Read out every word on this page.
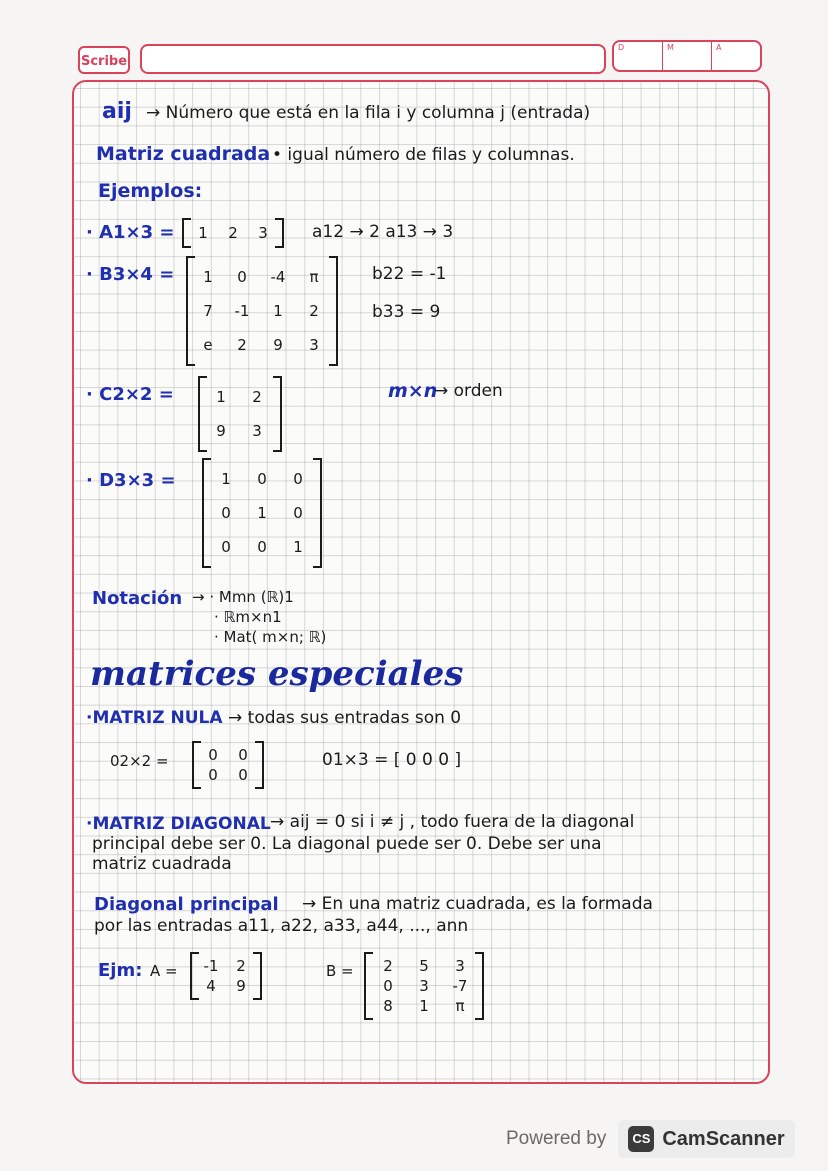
Scribe
D	M	A
aij → Número que está en la fila i y columna j (entrada)
Matriz cuadrada • igual número de filas y columnas.
Ejemplos:
· A1×3 =	1	2	3	a12 → 2 a13 → 3
· B3×4 =	1	0	-4	π
7	-1	1	2
e	2	9	3
b22 = -1
b33 = 9
· C2×2 =	1	2
9	3
m×n
→ orden
· D3×3 =	1	0	0
0	1	0
0	0	1
Notación → · Mmn (ℝ)1
· ℝm×n1
· Mat( m×n; ℝ)
matrices especiales
·MATRIZ NULA → todas sus entradas son 0
02×2 =	0	0
0	0
01×3 = [ 0 0 0 ]
·MATRIZ DIAGONAL → aij = 0 si i ≠ j , todo fuera de la diagonal
principal debe ser 0. La diagonal puede ser 0. Debe ser una
matriz cuadrada
Diagonal principal → En una matriz cuadrada, es la formada
por las entradas a11, a22, a33, a44, ..., ann
Ejm: A =	-1	2
4	9
B =	2	5	3
0	3	-7
8	1	π
Powered by	CS CamScanner
